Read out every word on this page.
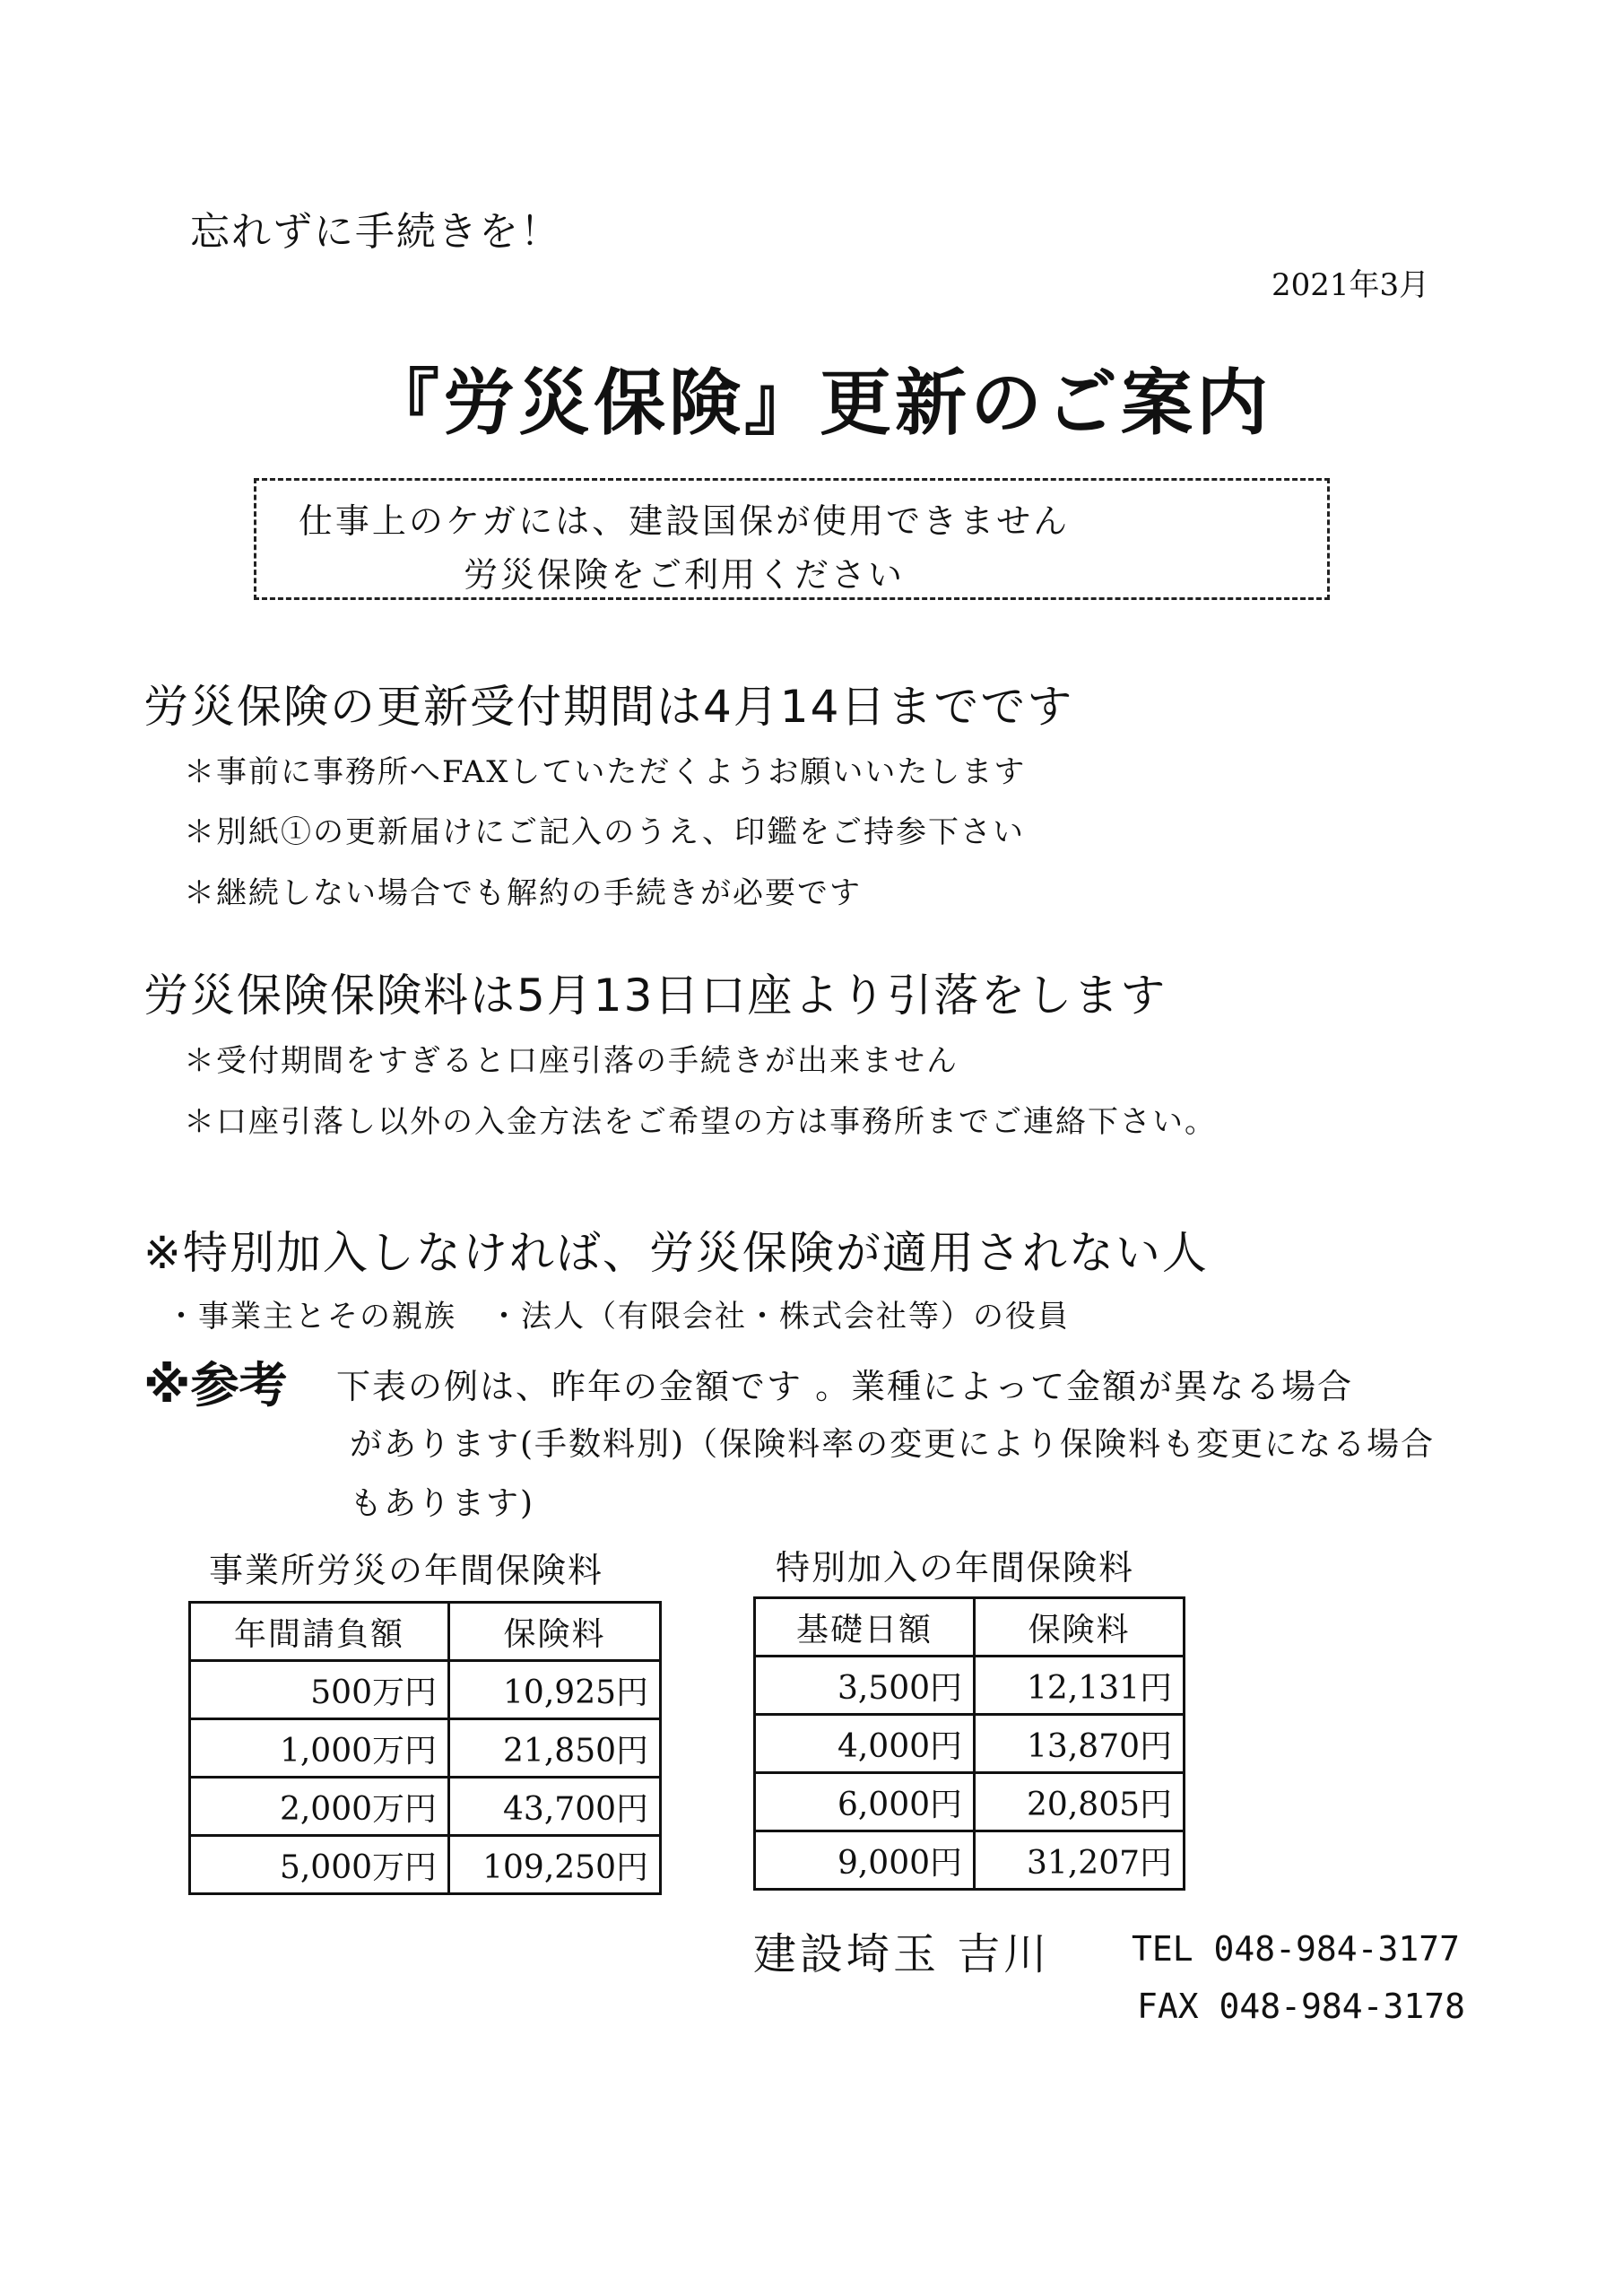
忘れずに手続きを！
2021年3月
『労災保険』更新のご案内
仕事上のケガには、建設国保が使用できません
労災保険をご利用ください
労災保険の更新受付期間は4月14日までです
＊事前に事務所へFAXしていただくようお願いいたします
＊別紙①の更新届けにご記入のうえ、印鑑をご持参下さい
＊継続しない場合でも解約の手続きが必要です
労災保険保険料は5月13日口座より引落をします
＊受付期間をすぎると口座引落の手続きが出来ません
＊口座引落し以外の入金方法をご希望の方は事務所までご連絡下さい。
※特別加入しなければ、労災保険が適用されない人
・事業主とその親族　・法人（有限会社・株式会社等）の役員
※参考 下表の例は、昨年の金額です 。業種によって金額が異なる場合
があります(手数料別)（保険料率の変更により保険料も変更になる場合
もあります)
事業所労災の年間保険料
年間請負額	保険料
500万円	10,925円
1,000万円	21,850円
2,000万円	43,700円
5,000万円	109,250円
特別加入の年間保険料
基礎日額	保険料
3,500円	12,131円
4,000円	13,870円
6,000円	20,805円
9,000円	31,207円
建設埼玉 吉川 TEL 048-984-3177
FAX 048-984-3178
